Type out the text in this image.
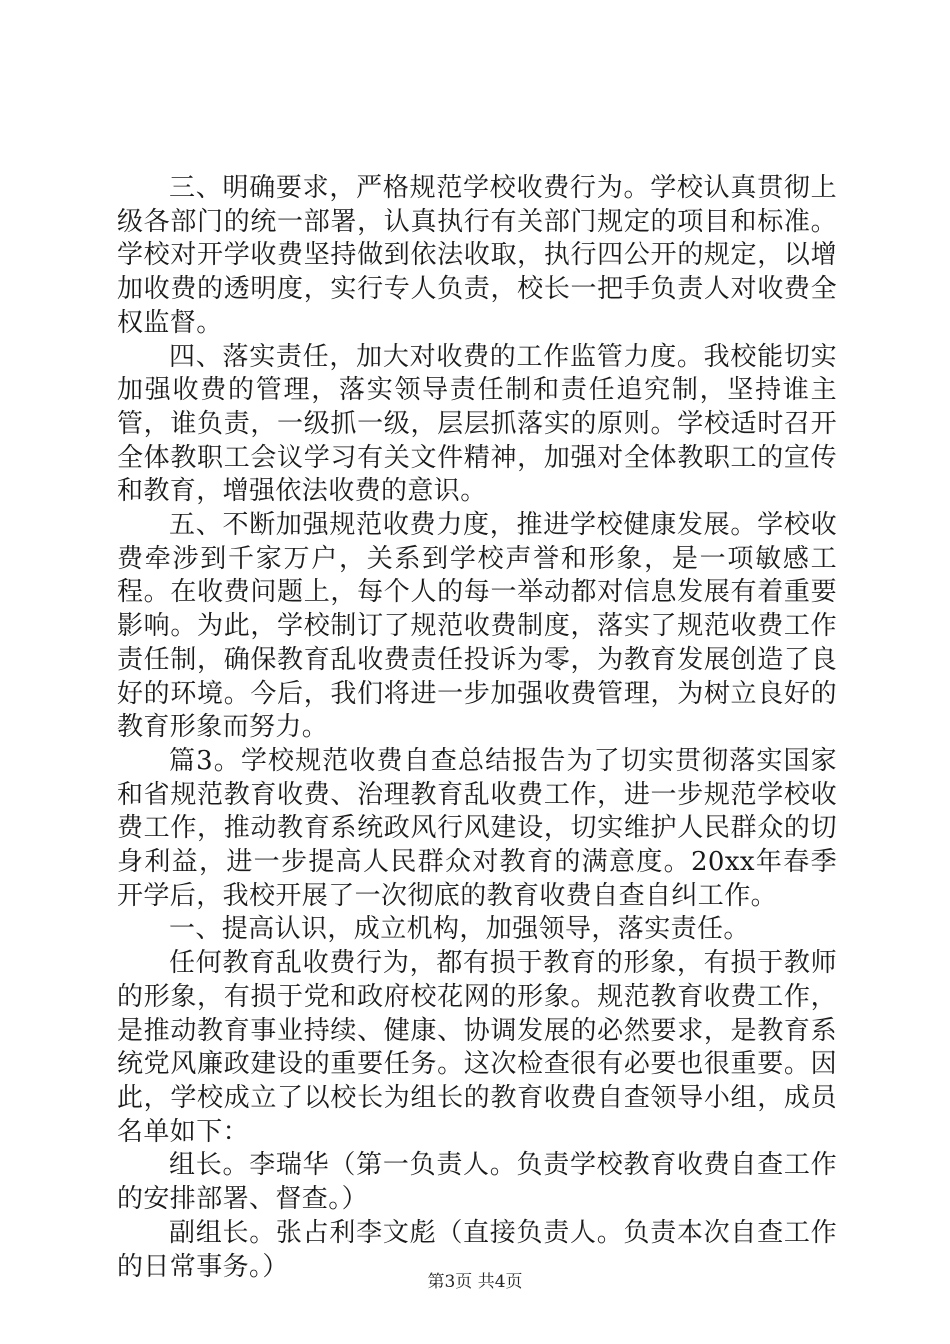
三、明确要求，严格规范学校收费行为。学校认真贯彻上级各部门的统一部署，认真执行有关部门规定的项目和标准。学校对开学收费坚持做到依法收取，执行四公开的规定，以增加收费的透明度，实行专人负责，校长一把手负责人对收费全权监督。

四、落实责任，加大对收费的工作监管力度。我校能切实加强收费的管理，落实领导责任制和责任追究制，坚持谁主管，谁负责，一级抓一级，层层抓落实的原则。学校适时召开全体教职工会议学习有关文件精神，加强对全体教职工的宣传和教育，增强依法收费的意识。

五、不断加强规范收费力度，推进学校健康发展。学校收费牵涉到千家万户，关系到学校声誉和形象，是一项敏感工程。在收费问题上，每个人的每一举动都对信息发展有着重要影响。为此，学校制订了规范收费制度，落实了规范收费工作责任制，确保教育乱收费责任投诉为零，为教育发展创造了良好的环境。今后，我们将进一步加强收费管理，为树立良好的教育形象而努力。

篇3。学校规范收费自查总结报告为了切实贯彻落实国家和省规范教育收费、治理教育乱收费工作，进一步规范学校收费工作，推动教育系统政风行风建设，切实维护人民群众的切身利益，进一步提高人民群众对教育的满意度。20xx年春季开学后，我校开展了一次彻底的教育收费自查自纠工作。

一、提高认识，成立机构，加强领导，落实责任。

任何教育乱收费行为，都有损于教育的形象，有损于教师的形象，有损于党和政府校花网的形象。规范教育收费工作，是推动教育事业持续、健康、协调发展的必然要求，是教育系统党风廉政建设的重要任务。这次检查很有必要也很重要。因此，学校成立了以校长为组长的教育收费自查领导小组，成员名单如下：

组长。李瑞华（第一负责人。负责学校教育收费自查工作的安排部署、督查。）

副组长。张占利李文彪（直接负责人。负责本次自查工作的日常事务。）

第3页 共4页
